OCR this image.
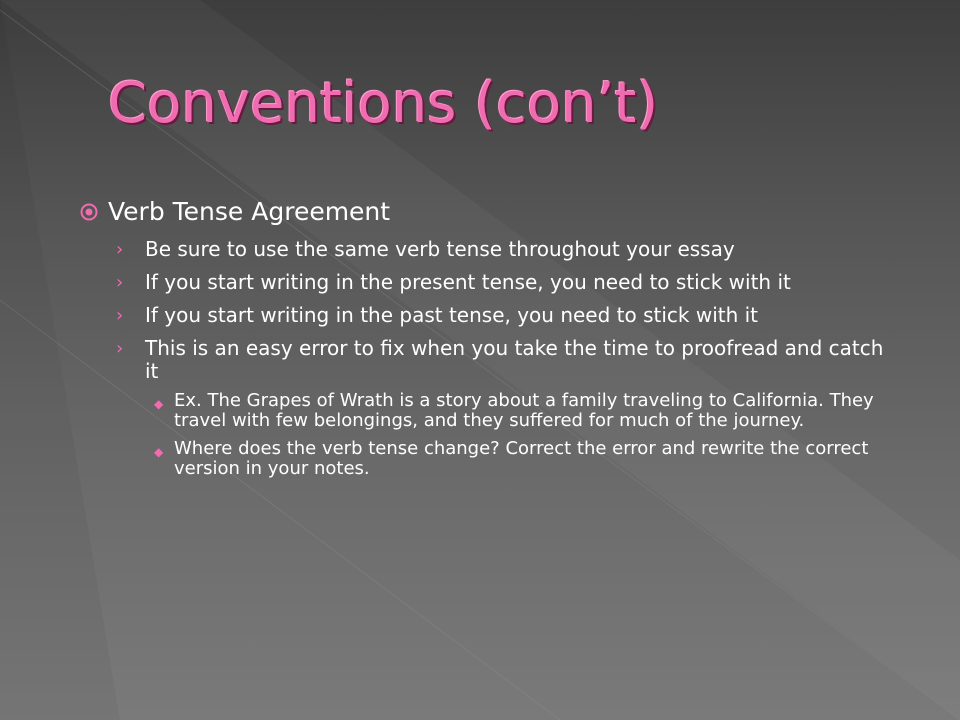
Conventions (con’t)
Verb Tense Agreement
› Be sure to use the same verb tense throughout your essay
› If you start writing in the present tense, you need to stick with it
› If you start writing in the past tense, you need to stick with it
› This is an easy error to fix when you take the time to proofread and catch it
◆ Ex. The Grapes of Wrath is a story about a family traveling to California. They travel with few belongings, and they suffered for much of the journey.
◆ Where does the verb tense change? Correct the error and rewrite the correct version in your notes.
